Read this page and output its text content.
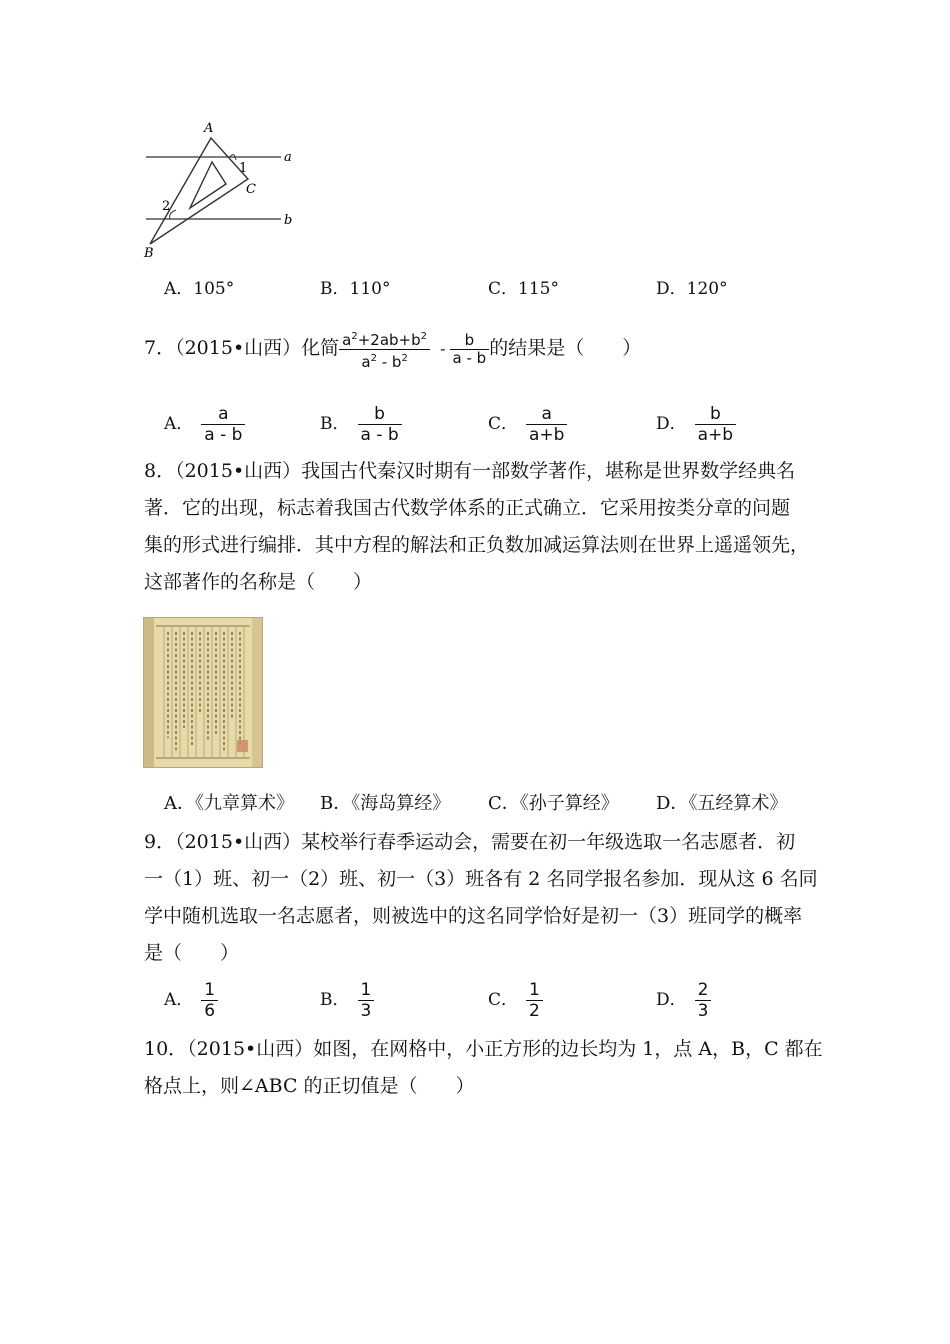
A
B
C
a
b
1
2
A．105°	B．110°	C．115°	D．120°
7．（2015•山西）化简 $\frac{a^2+2ab+b^2}{a^2 - b^2} - \frac{b}{a - b}$ 的结果是（　　）
A． $\frac{a}{a - b}$	B． $\frac{b}{a - b}$	C． $\frac{a}{a+b}$	D． $\frac{b}{a+b}$
8．（2015•山西）我国古代秦汉时期有一部数学著作，堪称是世界数学经典名
著．它的出现，标志着我国古代数学体系的正式确立．它采用按类分章的问题
集的形式进行编排．其中方程的解法和正负数加减运算法则在世界上遥遥领先，
这部著作的名称是（　　）
A．《九章算术》 B．《海岛算经》 C．《孙子算经》 D．《五经算术》
9．（2015•山西）某校举行春季运动会，需要在初一年级选取一名志愿者．初
一（1）班、初一（2）班、初一（3）班各有 2 名同学报名参加．现从这 6 名同
学中随机选取一名志愿者，则被选中的这名同学恰好是初一（3）班同学的概率
是（　　）
A． $\frac{1}{6}$	B． $\frac{1}{3}$	C． $\frac{1}{2}$	D． $\frac{2}{3}$
10．（2015•山西）如图，在网格中，小正方形的边长均为 1，点 A，B，C 都在
格点上，则∠ABC 的正切值是（　　）
